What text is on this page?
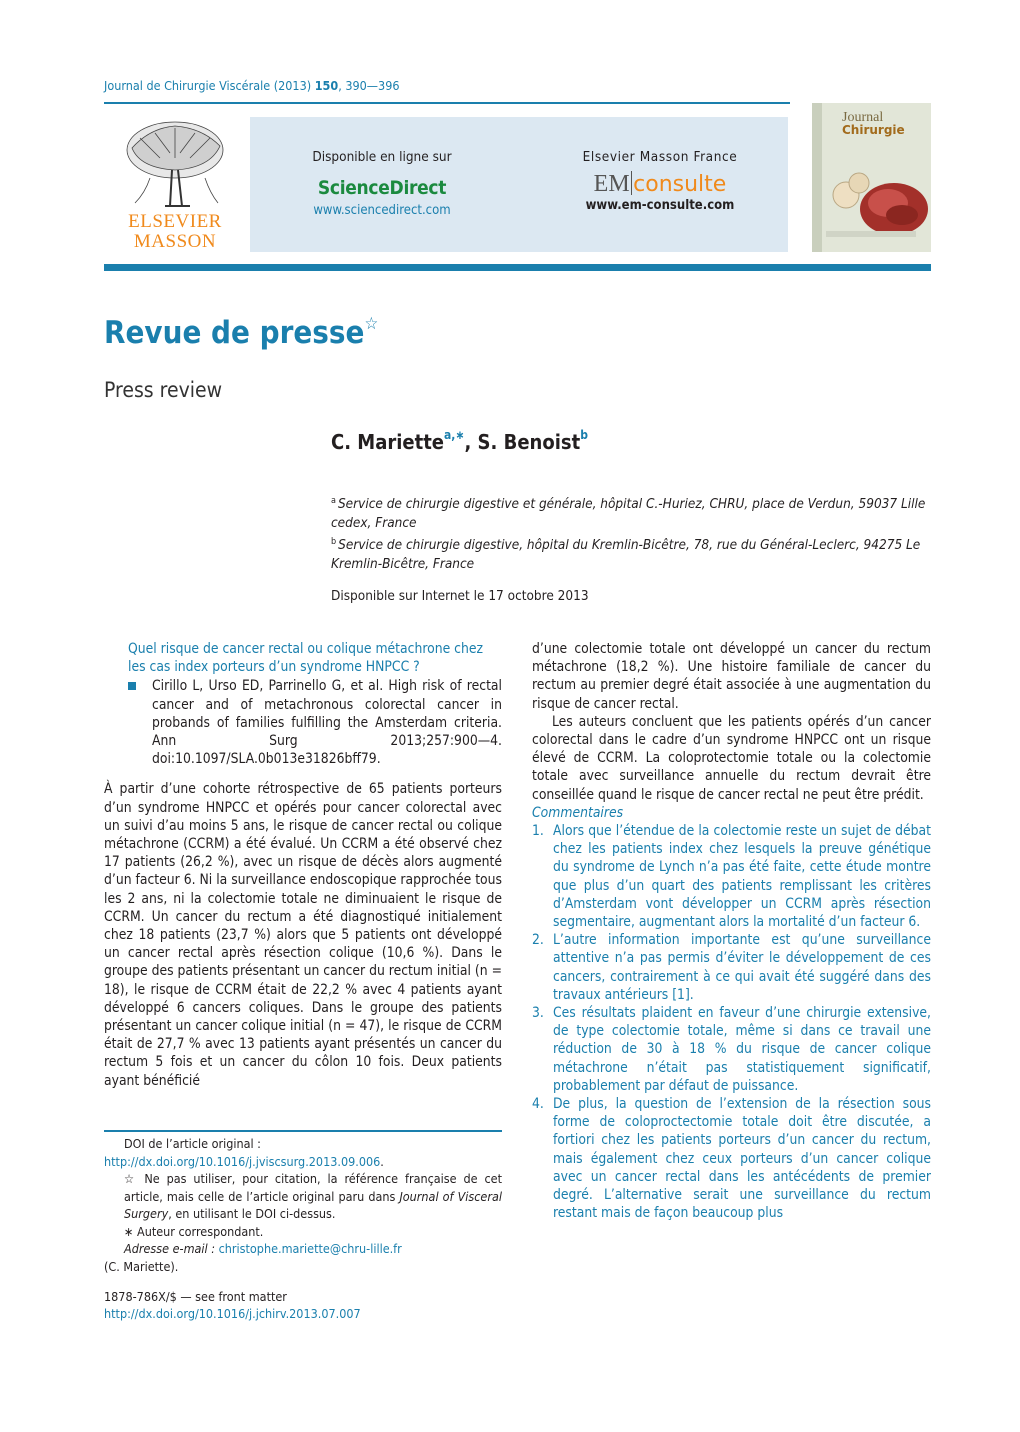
Journal de Chirurgie Viscérale (2013) 150, 390—396
ELSEVIER MASSON
Disponible en ligne sur
ScienceDirect
www.sciencedirect.com
Elsevier Masson France
EM consulte
www.em-consulte.com
Journal
Chirurgie
Revue de presse☆
Press review
C. Mariette$^{a,∗}$, S. Benoist$^b$
$^a$ Service de chirurgie digestive et générale, hôpital C.-Huriez, CHRU, place de Verdun, 59037 Lille cedex, France
$^b$ Service de chirurgie digestive, hôpital du Kremlin-Bicêtre, 78, rue du Général-Leclerc, 94275 Le Kremlin-Bicêtre, France
Disponible sur Internet le 17 octobre 2013
Quel risque de cancer rectal ou colique métachrone chez les cas index porteurs d’un syndrome HNPCC ?
Cirillo L, Urso ED, Parrinello G, et al. High risk of rectal cancer and of metachronous colorectal cancer in probands of families fulfilling the Amsterdam criteria. Ann Surg 2013;257:900—4. doi:10.1097/SLA.0b013e31826bff79.

À partir d’une cohorte rétrospective de 65 patients porteurs d’un syndrome HNPCC et opérés pour cancer colorectal avec un suivi d’au moins 5 ans, le risque de cancer rectal ou colique métachrone (CCRM) a été évalué. Un CCRM a été observé chez 17 patients (26,2 %), avec un risque de décès alors augmenté d’un facteur 6. Ni la surveillance endoscopique rapprochée tous les 2 ans, ni la colectomie totale ne diminuaient le risque de CCRM. Un cancer du rectum a été diagnostiqué initialement chez 18 patients (23,7 %) alors que 5 patients ont développé un cancer rectal après résection colique (10,6 %). Dans le groupe des patients présentant un cancer du rectum initial (n = 18), le risque de CCRM était de 22,2 % avec 4 patients ayant développé 6 cancers coliques. Dans le groupe des patients présentant un cancer colique initial (n = 47), le risque de CCRM était de 27,7 % avec 13 patients ayant présentés un cancer du rectum 5 fois et un cancer du côlon 10 fois. Deux patients ayant bénéficié

d’une colectomie totale ont développé un cancer du rectum métachrone (18,2 %). Une histoire familiale de cancer du rectum au premier degré était associée à une augmentation du risque de cancer rectal.

Les auteurs concluent que les patients opérés d’un cancer colorectal dans le cadre d’un syndrome HNPCC ont un risque élevé de CCRM. La coloprotectomie totale ou la colectomie totale avec surveillance annuelle du rectum devrait être conseillée quand le risque de cancer rectal ne peut être prédit.

Commentaires
1. Alors que l’étendue de la colectomie reste un sujet de débat chez les patients index chez lesquels la preuve génétique du syndrome de Lynch n’a pas été faite, cette étude montre que plus d’un quart des patients remplissant les critères d’Amsterdam vont développer un CCRM après résection segmentaire, augmentant alors la mortalité d’un facteur 6.
2. L’autre information importante est qu’une surveillance attentive n’a pas permis d’éviter le développement de ces cancers, contrairement à ce qui avait été suggéré dans des travaux antérieurs [1].
3. Ces résultats plaident en faveur d’une chirurgie extensive, de type colectomie totale, même si dans ce travail une réduction de 30 à 18 % du risque de cancer colique métachrone n’était pas statistiquement significatif, probablement par défaut de puissance.
4. De plus, la question de l’extension de la résection sous forme de coloproctectomie totale doit être discutée, a fortiori chez les patients porteurs d’un cancer du rectum, mais également chez ceux porteurs d’un cancer colique avec un cancer rectal dans les antécédents de premier degré. L’alternative serait une surveillance du rectum restant mais de façon beaucoup plus
DOI de l’article original :
http://dx.doi.org/10.1016/j.jviscsurg.2013.09.006.
☆ Ne pas utiliser, pour citation, la référence française de cet article, mais celle de l’article original paru dans Journal of Visceral Surgery, en utilisant le DOI ci-dessus.
∗ Auteur correspondant.
Adresse e-mail : christophe.mariette@chru-lille.fr
(C. Mariette).
1878-786X/$ — see front matter
http://dx.doi.org/10.1016/j.jchirv.2013.07.007
